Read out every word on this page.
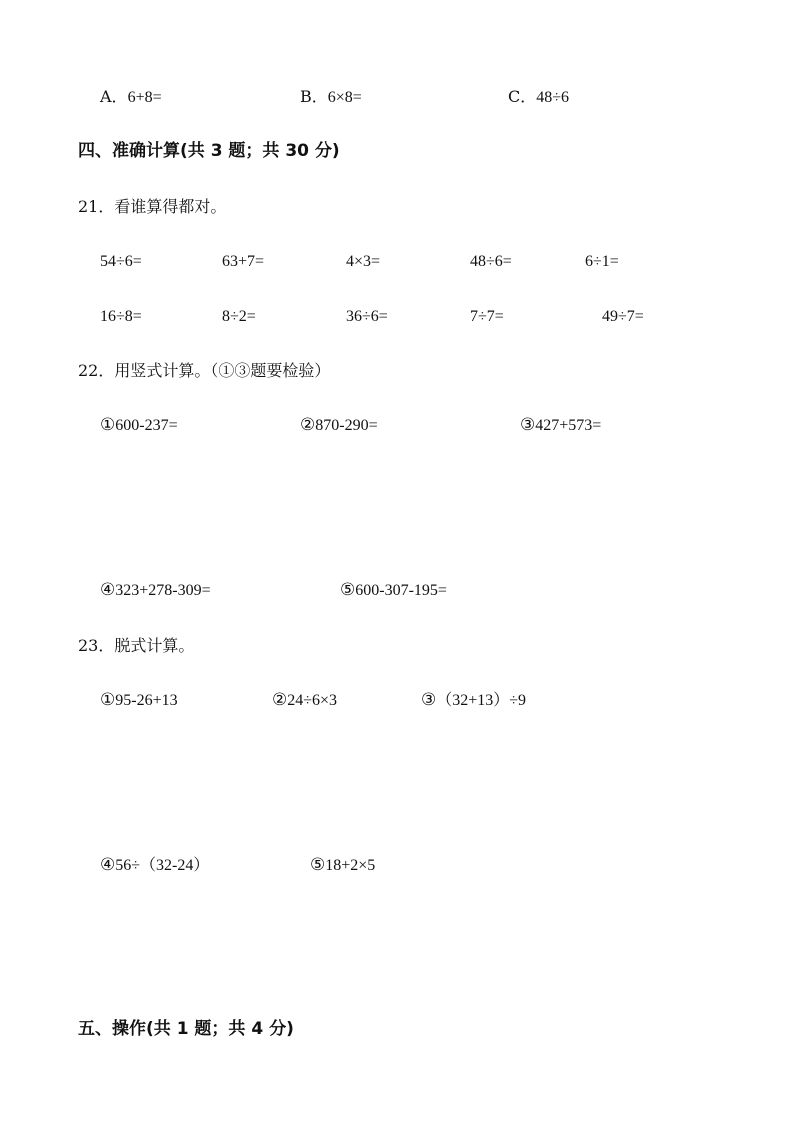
A．6+8=	B．6×8=	C．48÷6
四、准确计算(共 3 题；共 30 分)
21．看谁算得都对。
54÷6=	63+7=	4×3=	48÷6=	6÷1=
16÷8=	8÷2=	36÷6=	7÷7=	49÷7=
22．用竖式计算。（①③题要检验）
①600-237=	②870-290=	③427+573=
④323+278-309=	⑤600-307-195=
23．脱式计算。
①95-26+13	②24÷6×3	③（32+13）÷9
④56÷（32-24）	⑤18+2×5
五、操作(共 1 题；共 4 分)
